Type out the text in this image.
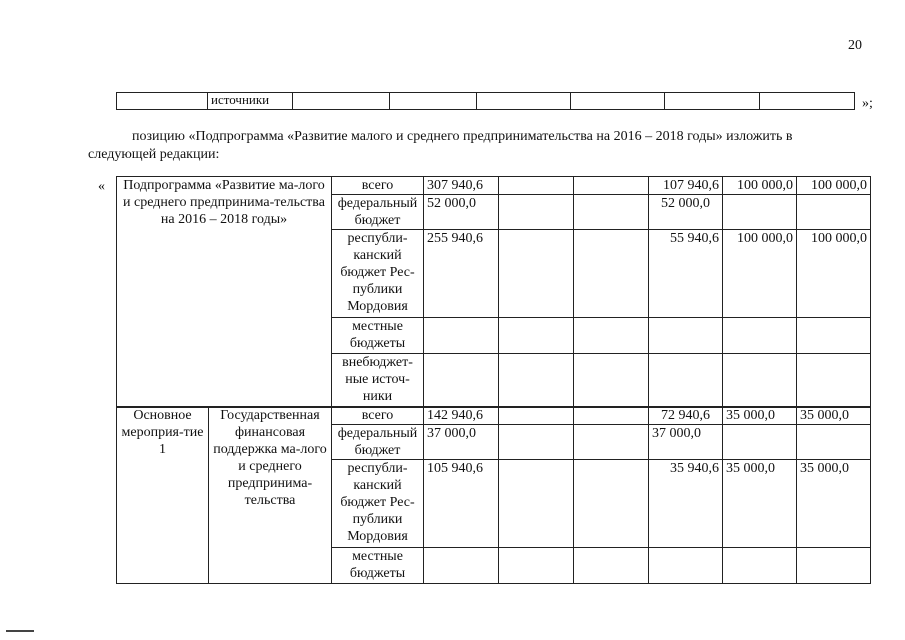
20
	источники							»;
позицию «Подпрограмма «Развитие малого и среднего предпринимательства на 2016 – 2018 годы» изложить в
следующей редакции:
« Подпрограмма «Развитие ма-лого и среднего предпринима-тельства на 2016 – 2018 годы»	всего	307 940,6			107 940,6	100 000,0	100 000,0
	федеральный бюджет	52 000,0			52 000,0		
	республи-канский бюджет Рес-публики Мордовия	255 940,6			55 940,6	100 000,0	100 000,0
	местные бюджеты						
	внебюджет-ные источ-ники						
Основное мероприя-тие 1	Государственная финансовая поддержка ма-лого и среднего предпринима-тельства	всего	142 940,6			72 940,6	35 000,0	35 000,0
		федеральный бюджет	37 000,0			37 000,0		
		республи-канский бюджет Рес-публики Мордовия	105 940,6			35 940,6	35 000,0	35 000,0
		местные бюджеты						
